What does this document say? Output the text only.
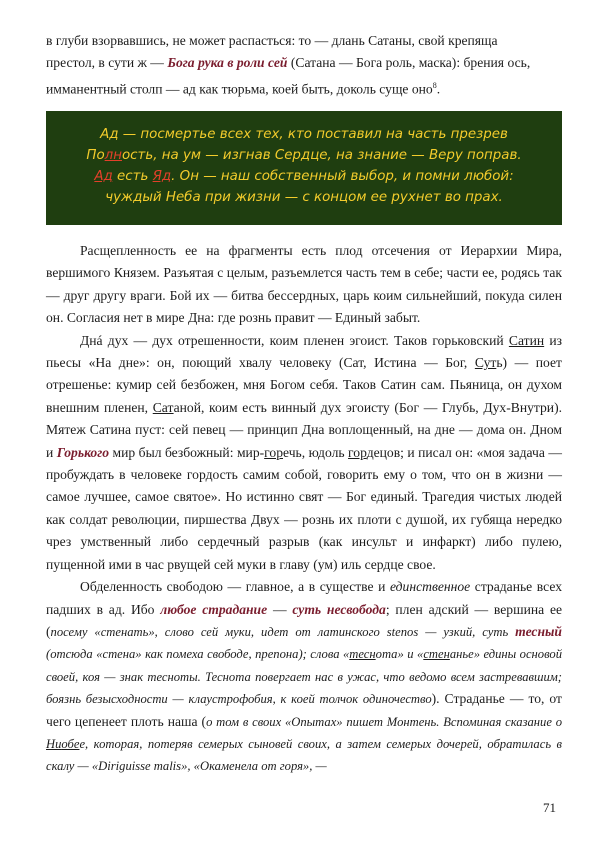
в глуби взорвавшись, не может распасться: то — длань Сатаны, свой крепяща

престол, в сути ж — Бога рука в роли сей (Сатана — Бога роль, маска): брения ось,

имманентный столп — ад как тюрьма, коей быть, доколь суще оно$^8$.

Ад — посмертье всех тех, кто поставил на часть презрев
Полность, на ум — изгнав Сердце, на знание — Веру поправ.
Ад есть Яд. Он — наш собственный выбор, и помни любой:
чуждый Неба при жизни — с концом ее рухнет во прах.

Расщепленность ее на фрагменты есть плод отсечения от Иерархии Мира, вершимого Князем. Разъятая с целым, разъемлется часть тем в себе; части ее, родясь так — друг другу враги. Бой их — битва бессердных, царь коим сильнейший, покуда силен он. Согласия нет в мире Дна: где рознь правит — Единый забыт.

Днá дух — дух отрешенности, коим пленен эгоист. Таков горьковский Сатин из пьесы «На дне»: он, поющий хвалу человеку (Сат, Истина — Бог, Суть) — поет отрешенье: кумир сей безбожен, мня Богом себя. Таков Сатин сам. Пьяница, он духом внешним пленен, Сатаной, коим есть винный дух эгоисту (Бог — Глубь, Дух-Внутри). Мятеж Сатина пуст: сей певец — принцип Дна воплощенный, на дне — дома он. Дном и Горького мир был безбожный: мир-горечь, юдоль гордецов; и писал он: «моя задача — пробуждать в человеке гордость самим собой, говорить ему о том, что он в жизни — самое лучшее, самое святое». Но истинно свят — Бог единый. Трагедия чистых людей как солдат революции, пиршества Двух — рознь их плоти с душой, их губяща нередко чрез умственный либо сердечный разрыв (как инсульт и инфаркт) либо пулею, пущенной ими в час рвущей сей муки в главу (ум) иль сердце свое.

Обделенность свободою — главное, а в существе и единственное страданье всех падших в ад. Ибо любое страдание — суть несвобода; плен адский — вершина ее (посему «стенать», слово сей муки, идет от латинского stenos — узкий, суть тесный (отсюда «стена» как помеха свободе, препона); слова «теснота» и «стенанье» едины основой своей, коя — знак тесноты. Теснота повергает нас в ужас, что ведомо всем застревавшим; боязнь безысходности — клаустрофобия, к коей толчок одиночество). Страданье — то, от чего цепенеет плоть наша (о том в своих «Опытах» пишет Монтень. Вспоминая сказание о Ниобее, которая, потеряв семерых сыновей своих, а затем семерых дочерей, обратилась в скалу — «Diriguisse malis», «Окаменела от горя», —

71
